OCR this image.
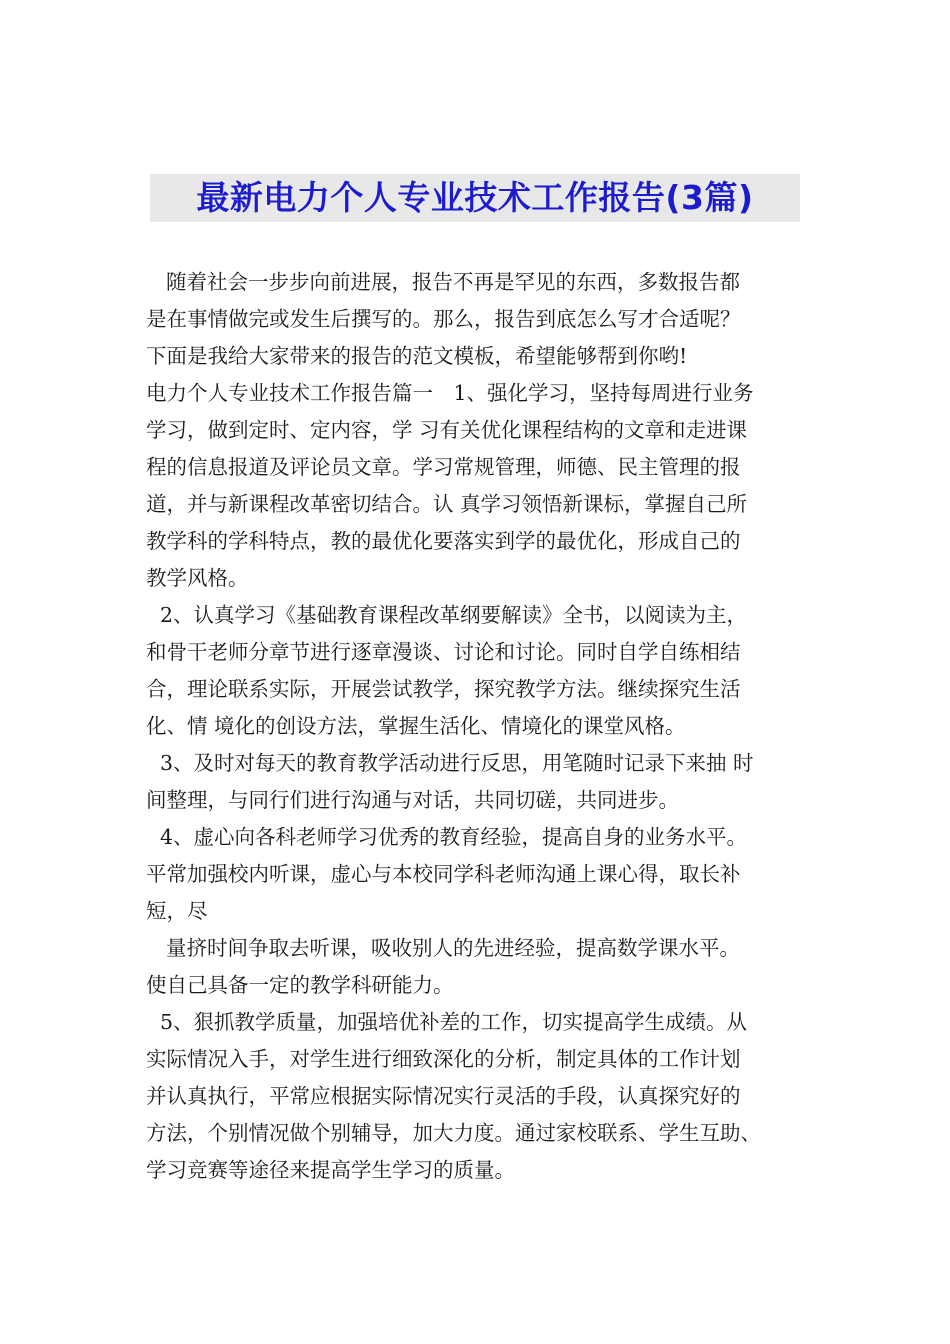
最新电力个人专业技术工作报告(3篇)
随着社会一步步向前进展，报告不再是罕见的东西，多数报告都
是在事情做完或发生后撰写的。那么，报告到底怎么写才合适呢？
下面是我给大家带来的报告的范文模板，希望能够帮到你哟!
电力个人专业技术工作报告篇一　1、强化学习，坚持每周进行业务
学习，做到定时、定内容，学 习有关优化课程结构的文章和走进课
程的信息报道及评论员文章。学习常规管理，师德、民主管理的报
道，并与新课程改革密切结合。认 真学习领悟新课标，掌握自己所
教学科的学科特点，教的最优化要落实到学的最优化，形成自己的
教学风格。
2、认真学习《基础教育课程改革纲要解读》全书，以阅读为主，
和骨干老师分章节进行逐章漫谈、讨论和讨论。同时自学自练相结
合，理论联系实际，开展尝试教学，探究教学方法。继续探究生活
化、情 境化的创设方法，掌握生活化、情境化的课堂风格。
3、及时对每天的教育教学活动进行反思，用笔随时记录下来抽 时
间整理，与同行们进行沟通与对话，共同切磋，共同进步。
4、虚心向各科老师学习优秀的教育经验，提高自身的业务水平。
平常加强校内听课，虚心与本校同学科老师沟通上课心得，取长补
短，尽
量挤时间争取去听课，吸收别人的先进经验，提高数学课水平。
使自己具备一定的教学科研能力。
5、狠抓教学质量，加强培优补差的工作，切实提高学生成绩。从
实际情况入手，对学生进行细致深化的分析，制定具体的工作计划
并认真执行，平常应根据实际情况实行灵活的手段，认真探究好的
方法，个别情况做个别辅导，加大力度。通过家校联系、学生互助、
学习竞赛等途径来提高学生学习的质量。
